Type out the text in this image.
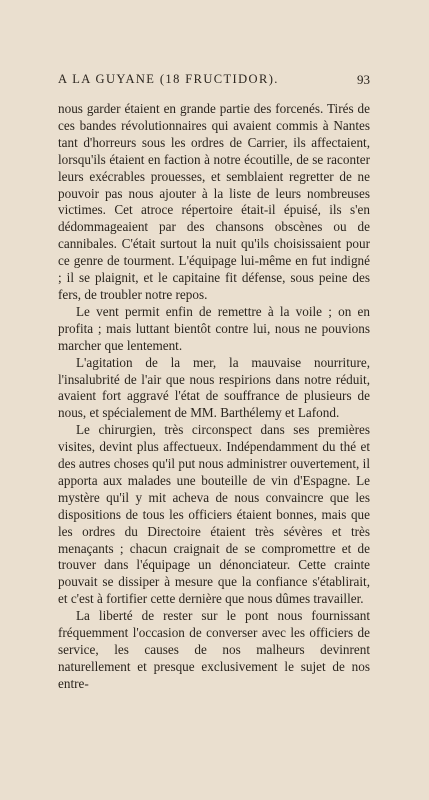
A LA GUYANE (18 FRUCTIDOR).	93

nous garder étaient en grande partie des forcenés. Tirés de ces bandes révolutionnaires qui avaient commis à Nantes tant d'horreurs sous les ordres de Carrier, ils affectaient, lorsqu'ils étaient en faction à notre écoutille, de se raconter leurs exécrables prouesses, et semblaient regretter de ne pouvoir pas nous ajouter à la liste de leurs nombreuses victimes. Cet atroce répertoire était-il épuisé, ils s'en dédommageaient par des chansons obscènes ou de cannibales. C'était surtout la nuit qu'ils choisissaient pour ce genre de tourment. L'équipage lui-même en fut indigné ; il se plaignit, et le capitaine fit défense, sous peine des fers, de troubler notre repos.

Le vent permit enfin de remettre à la voile ; on en profita ; mais luttant bientôt contre lui, nous ne pouvions marcher que lentement.

L'agitation de la mer, la mauvaise nourriture, l'insalubrité de l'air que nous respirions dans notre réduit, avaient fort aggravé l'état de souffrance de plusieurs de nous, et spécialement de MM. Barthélemy et Lafond.

Le chirurgien, très circonspect dans ses premières visites, devint plus affectueux. Indépendamment du thé et des autres choses qu'il put nous administrer ouvertement, il apporta aux malades une bouteille de vin d'Espagne. Le mystère qu'il y mit acheva de nous convaincre que les dispositions de tous les officiers étaient bonnes, mais que les ordres du Directoire étaient très sévères et très menaçants ; chacun craignait de se compromettre et de trouver dans l'équipage un dénonciateur. Cette crainte pouvait se dissiper à mesure que la confiance s'établirait, et c'est à fortifier cette dernière que nous dûmes travailler.

La liberté de rester sur le pont nous fournissant fréquemment l'occasion de converser avec les officiers de service, les causes de nos malheurs devinrent naturellement et presque exclusivement le sujet de nos entre-
